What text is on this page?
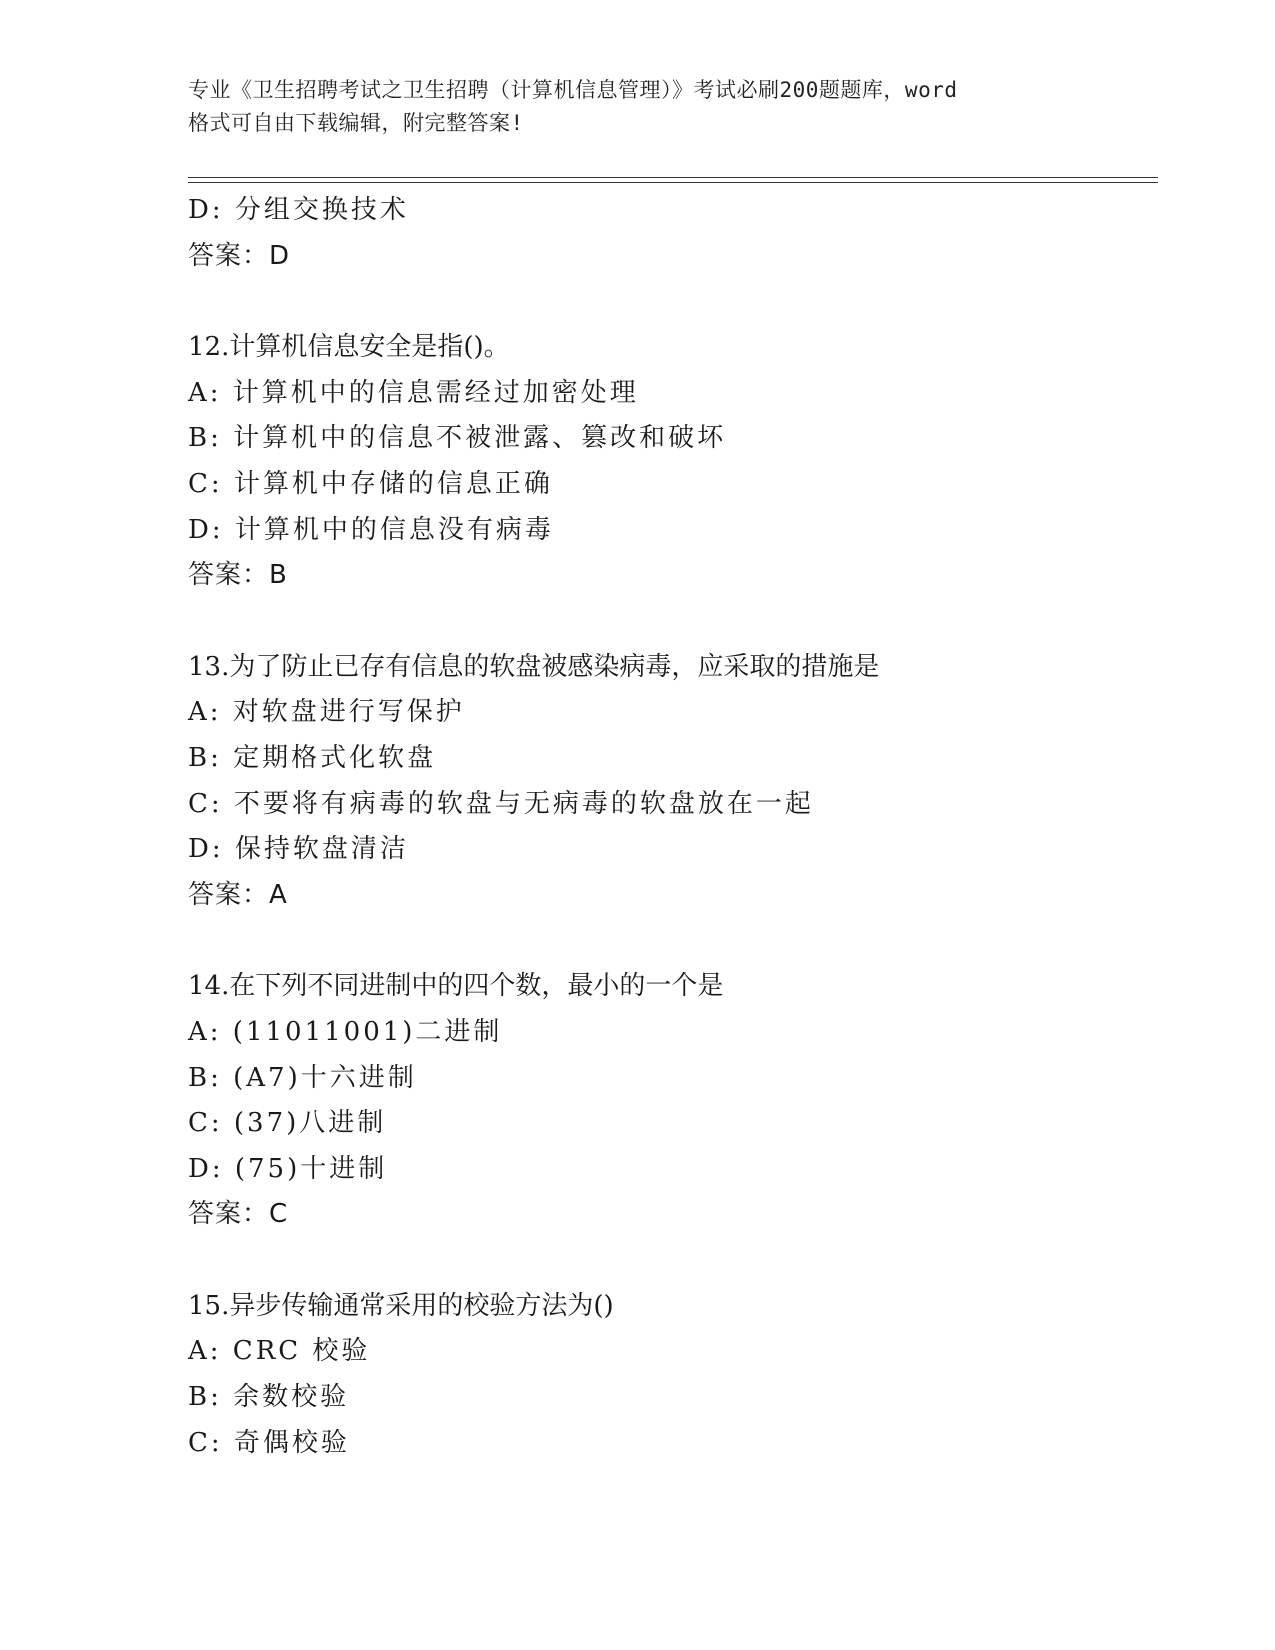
专业《卫生招聘考试之卫生招聘（计算机信息管理）》考试必刷200题题库，word
格式可自由下载编辑，附完整答案!
D: 分组交换技术
答案：D
12.计算机信息安全是指()。
A: 计算机中的信息需经过加密处理
B: 计算机中的信息不被泄露、篡改和破坏
C: 计算机中存储的信息正确
D: 计算机中的信息没有病毒
答案：B
13.为了防止已存有信息的软盘被感染病毒，应采取的措施是
A: 对软盘进行写保护
B: 定期格式化软盘
C: 不要将有病毒的软盘与无病毒的软盘放在一起
D: 保持软盘清洁
答案：A
14.在下列不同进制中的四个数，最小的一个是
A: (11011001)二进制
B: (A7)十六进制
C: (37)八进制
D: (75)十进制
答案：C
15.异步传输通常采用的校验方法为()
A: CRC 校验
B: 余数校验
C: 奇偶校验
